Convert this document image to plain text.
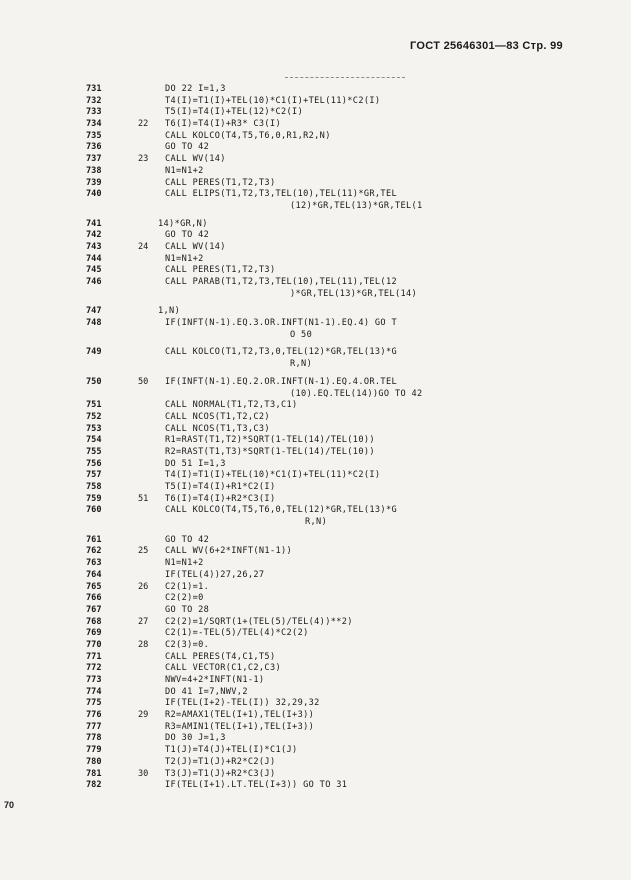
ГОСТ 25646301—83 Стр. 99
731	DO 22 I=1,3
732	T4(I)=T1(I)+TEL(10)*C1(I)+TEL(11)*C2(I)
733	T5(I)=T4(I)+TEL(12)*C2(I)
734	22	T6(I)=T4(I)+R3* C3(I)
735	CALL KOLCO(T4,T5,T6,0,R1,R2,N)
736	GO TO 42
737	23	CALL WV(14)
738	N1=N1+2
739	CALL PERES(T1,T2,T3)
740	CALL ELIPS(T1,T2,T3,TEL(10),TEL(11)*GR,TEL
(12)*GR,TEL(13)*GR,TEL(1
741	14)*GR,N)
742	GO TO 42
743	24	CALL WV(14)
744	N1=N1+2
745	CALL PERES(T1,T2,T3)
746	CALL PARAB(T1,T2,T3,TEL(10),TEL(11),TEL(12
)*GR,TEL(13)*GR,TEL(14)
747	1,N)
748	IF(INFT(N-1).EQ.3.OR.INFT(N1-1).EQ.4) GO T
O 50
749	CALL KOLCO(T1,T2,T3,0,TEL(12)*GR,TEL(13)*G
R,N)
750	50	IF(INFT(N-1).EQ.2.OR.INFT(N-1).EQ.4.OR.TEL
(10).EQ.TEL(14))GO TO 42
751	CALL NORMAL(T1,T2,T3,C1)
752	CALL NCOS(T1,T2,C2)
753	CALL NCOS(T1,T3,C3)
754	R1=RAST(T1,T2)*SQRT(1-TEL(14)/TEL(10))
755	R2=RAST(T1,T3)*SQRT(1-TEL(14)/TEL(10))
756	DO 51 I=1,3
757	T4(I)=T1(I)+TEL(10)*C1(I)+TEL(11)*C2(I)
758	T5(I)=T4(I)+R1*C2(I)
759	51	T6(I)=T4(I)+R2*C3(I)
760	CALL KOLCO(T4,T5,T6,0,TEL(12)*GR,TEL(13)*G
R,N)
761	GO TO 42
762	25	CALL WV(6+2*INFT(N1-1))
763	N1=N1+2
764	IF(TEL(4))27,26,27
765	26	C2(1)=1.
766	C2(2)=0
767	GO TO 28
768	27	C2(2)=1/SQRT(1+(TEL(5)/TEL(4))**2)
769	C2(1)=-TEL(5)/TEL(4)*C2(2)
770	28	C2(3)=0.
771	CALL PERES(T4,C1,T5)
772	CALL VECTOR(C1,C2,C3)
773	NWV=4+2*INFT(N1-1)
774	DO 41 I=7,NWV,2
775	IF(TEL(I+2)-TEL(I)) 32,29,32
776	29	R2=AMAX1(TEL(I+1),TEL(I+3))
777	R3=AMIN1(TEL(I+1),TEL(I+3))
778	DO 30 J=1,3
779	T1(J)=T4(J)+TEL(I)*C1(J)
780	T2(J)=T1(J)+R2*C2(J)
781	30	T3(J)=T1(J)+R2*C3(J)
782	IF(TEL(I+1).LT.TEL(I+3)) GO TO 31
70
